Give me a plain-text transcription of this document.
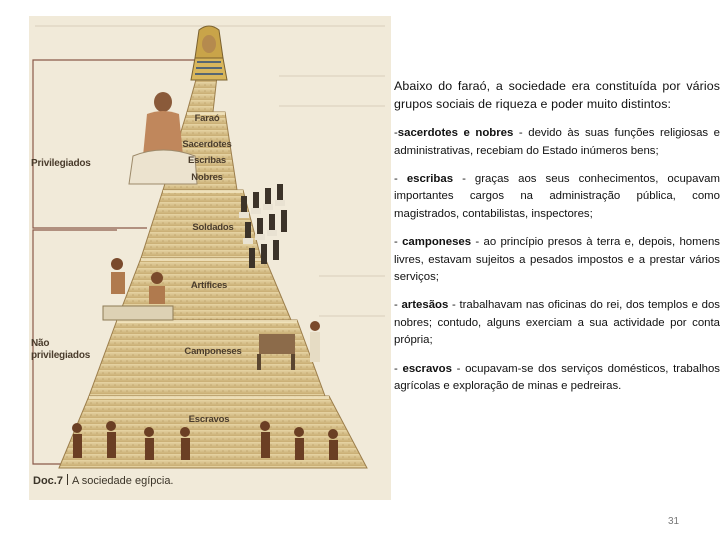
Faraó
Sacerdotes
Escribas
Nobres
Soldados
Artífices
Camponeses
Escravos
Privilegiados
Não privilegiados
Doc.7 A sociedade egípcia.

Abaixo do faraó, a sociedade era constituída por vários grupos sociais de riqueza e poder muito distintos:

-sacerdotes e nobres - devido às suas funções religiosas e administrativas, recebiam do Estado inúmeros bens;

- escribas - graças aos seus conhecimentos, ocupavam importantes cargos na administração pública, como magistrados, contabilistas, inspectores;

- camponeses - ao princípio presos à terra e, depois, homens livres, estavam sujeitos a pesados impostos e a prestar vários serviços;

- artesãos - trabalhavam nas oficinas do rei, dos templos e dos nobres; contudo, alguns exerciam a sua actividade por conta própria;

- escravos - ocupavam-se dos serviços domésticos, trabalhos agrícolas e exploração de minas e pedreiras.

31
